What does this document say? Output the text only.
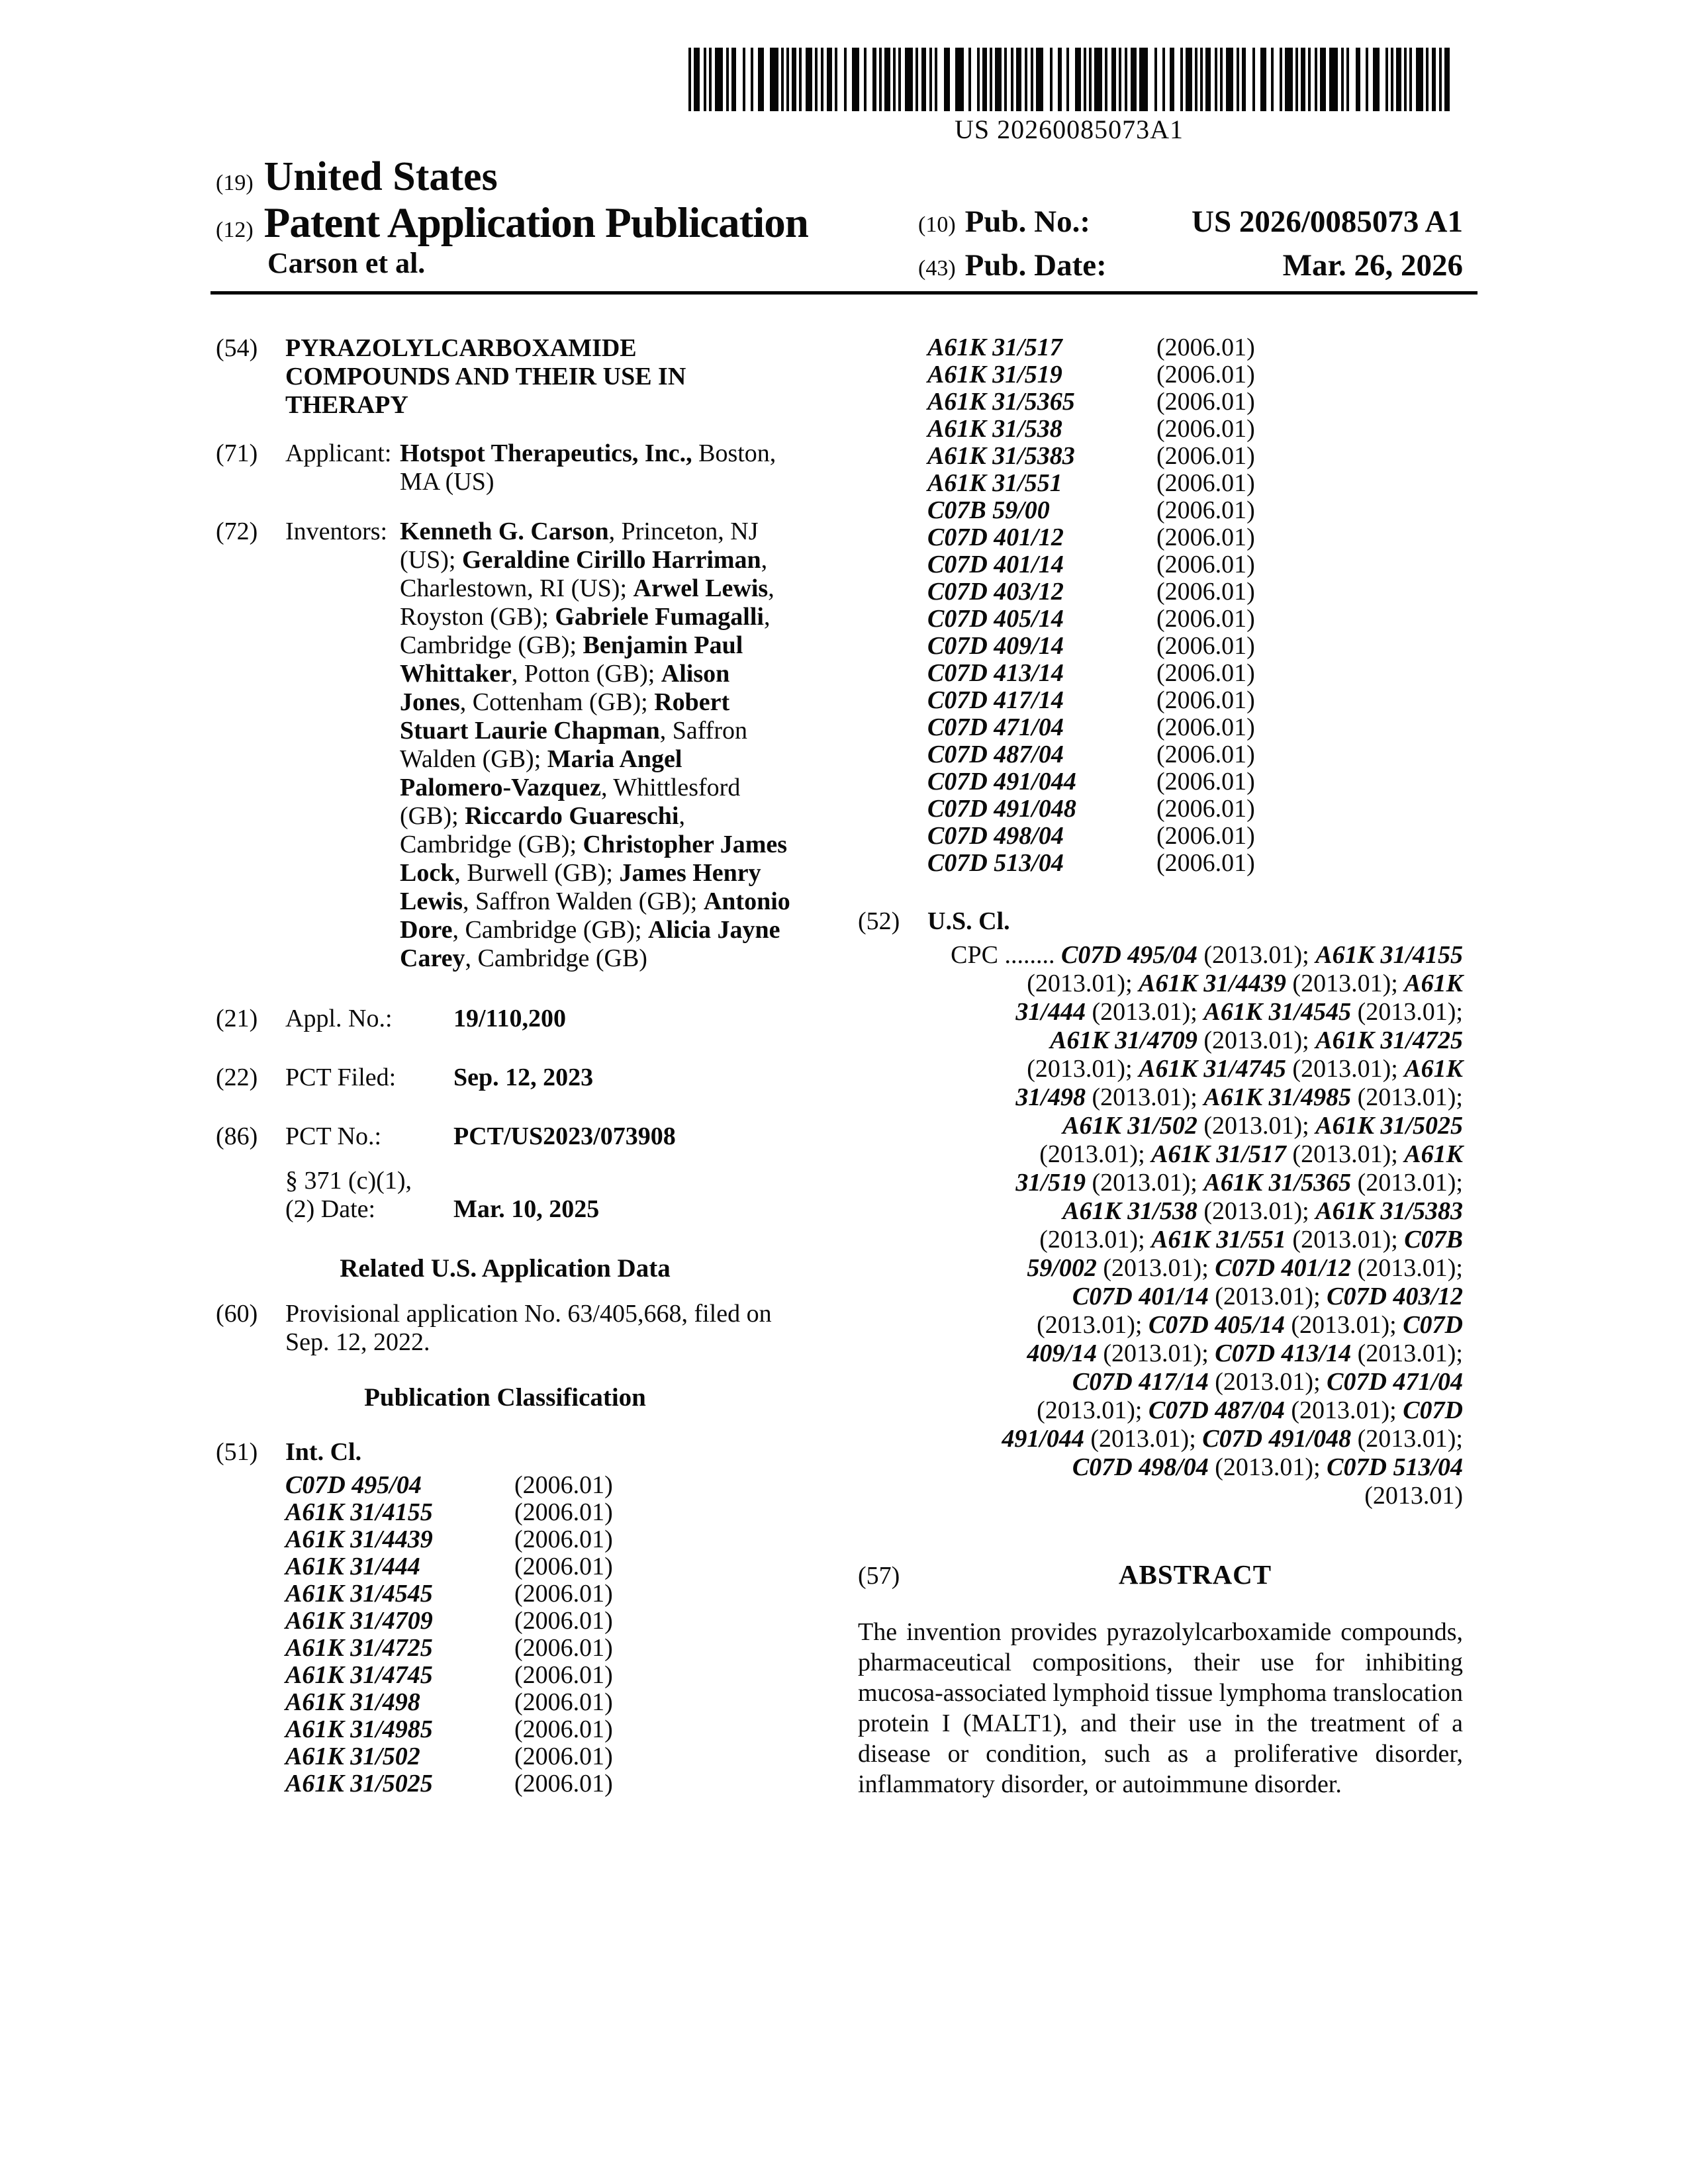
US 20260085073A1
(19) United States
(12) Patent Application Publication
Carson et al.
(10) Pub. No.:	US 2026/0085073 A1
(43) Pub. Date:	Mar. 26, 2026
(54)	PYRAZOLYLCARBOXAMIDE COMPOUNDS AND THEIR USE IN THERAPY
(71)	Applicant: Hotspot Therapeutics, Inc., Boston, MA (US)
(72)	Inventors: Kenneth G. Carson, Princeton, NJ (US); Geraldine Cirillo Harriman, Charlestown, RI (US); Arwel Lewis, Royston (GB); Gabriele Fumagalli, Cambridge (GB); Benjamin Paul Whittaker, Potton (GB); Alison Jones, Cottenham (GB); Robert Stuart Laurie Chapman, Saffron Walden (GB); Maria Angel Palomero-Vazquez, Whittlesford (GB); Riccardo Guareschi, Cambridge (GB); Christopher James Lock, Burwell (GB); James Henry Lewis, Saffron Walden (GB); Antonio Dore, Cambridge (GB); Alicia Jayne Carey, Cambridge (GB)
(21)	Appl. No.:	19/110,200
(22)	PCT Filed:	Sep. 12, 2023
(86)	PCT No.:	PCT/US2023/073908
§ 371 (c)(1),
(2) Date:	Mar. 10, 2025
Related U.S. Application Data
(60)	Provisional application No. 63/405,668, filed on Sep. 12, 2022.
Publication Classification
(51)	Int. Cl.
C07D 495/04	(2006.01)
A61K 31/4155	(2006.01)
A61K 31/4439	(2006.01)
A61K 31/444	(2006.01)
A61K 31/4545	(2006.01)
A61K 31/4709	(2006.01)
A61K 31/4725	(2006.01)
A61K 31/4745	(2006.01)
A61K 31/498	(2006.01)
A61K 31/4985	(2006.01)
A61K 31/502	(2006.01)
A61K 31/5025	(2006.01)
A61K 31/517	(2006.01)
A61K 31/519	(2006.01)
A61K 31/5365	(2006.01)
A61K 31/538	(2006.01)
A61K 31/5383	(2006.01)
A61K 31/551	(2006.01)
C07B 59/00	(2006.01)
C07D 401/12	(2006.01)
C07D 401/14	(2006.01)
C07D 403/12	(2006.01)
C07D 405/14	(2006.01)
C07D 409/14	(2006.01)
C07D 413/14	(2006.01)
C07D 417/14	(2006.01)
C07D 471/04	(2006.01)
C07D 487/04	(2006.01)
C07D 491/044	(2006.01)
C07D 491/048	(2006.01)
C07D 498/04	(2006.01)
C07D 513/04	(2006.01)
(52)	U.S. Cl.
CPC ........ C07D 495/04 (2013.01); A61K 31/4155
(2013.01); A61K 31/4439 (2013.01); A61K
31/444 (2013.01); A61K 31/4545 (2013.01);
A61K 31/4709 (2013.01); A61K 31/4725
(2013.01); A61K 31/4745 (2013.01); A61K
31/498 (2013.01); A61K 31/4985 (2013.01);
A61K 31/502 (2013.01); A61K 31/5025
(2013.01); A61K 31/517 (2013.01); A61K
31/519 (2013.01); A61K 31/5365 (2013.01);
A61K 31/538 (2013.01); A61K 31/5383
(2013.01); A61K 31/551 (2013.01); C07B
59/002 (2013.01); C07D 401/12 (2013.01);
C07D 401/14 (2013.01); C07D 403/12
(2013.01); C07D 405/14 (2013.01); C07D
409/14 (2013.01); C07D 413/14 (2013.01);
C07D 417/14 (2013.01); C07D 471/04
(2013.01); C07D 487/04 (2013.01); C07D
491/044 (2013.01); C07D 491/048 (2013.01);
C07D 498/04 (2013.01); C07D 513/04
(2013.01)
(57)	ABSTRACT
The invention provides pyrazolylcarboxamide compounds, pharmaceutical compositions, their use for inhibiting mucosa-associated lymphoid tissue lymphoma translocation protein I (MALT1), and their use in the treatment of a disease or condition, such as a proliferative disorder, inflammatory disorder, or autoimmune disorder.
